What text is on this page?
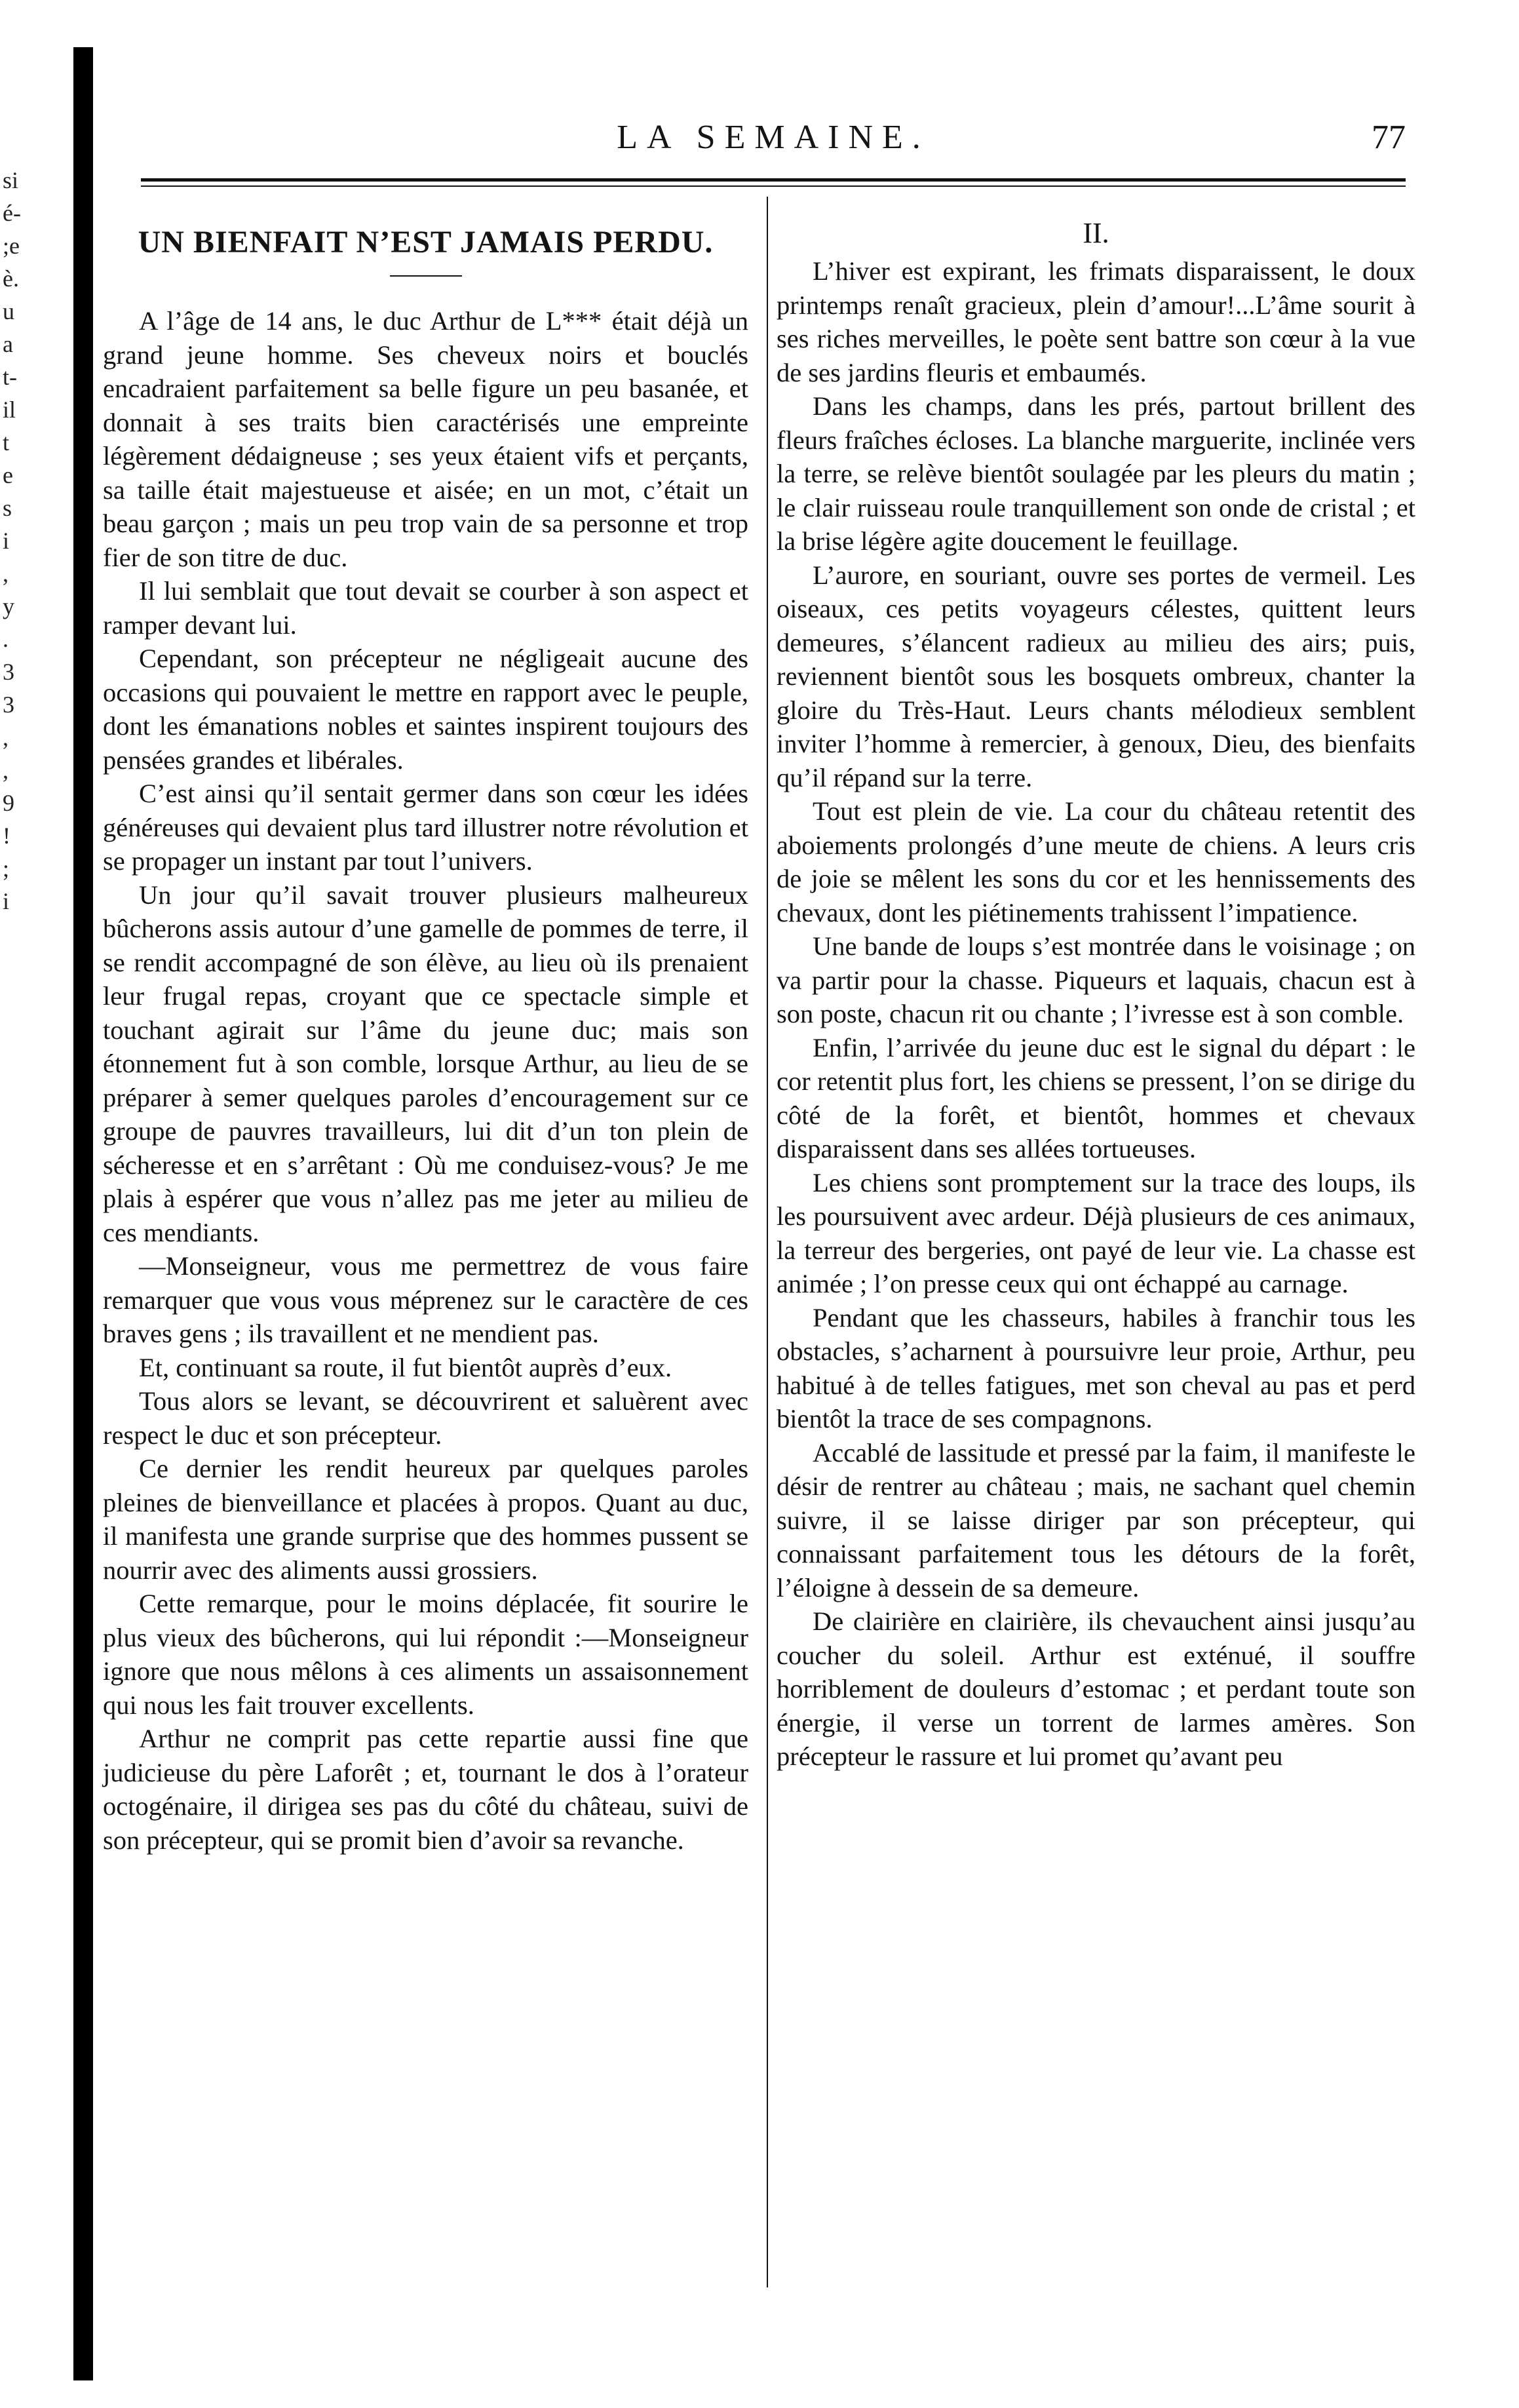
si
é-
;e
è.
u
a
t-
il
t
e
s
i
,
y
.
3
3
,
,
9
!
;
i
LA SEMAINE.	77
UN BIENFAIT N’EST JAMAIS PERDU.

A l’âge de 14 ans, le duc Arthur de L*** était déjà un grand jeune homme. Ses cheveux noirs et bouclés encadraient parfaitement sa belle figure un peu basanée, et donnait à ses traits bien caractérisés une empreinte légèrement dédaigneuse ; ses yeux étaient vifs et perçants, sa taille était majestueuse et aisée; en un mot, c’était un beau garçon ; mais un peu trop vain de sa personne et trop fier de son titre de duc.

Il lui semblait que tout devait se courber à son aspect et ramper devant lui.

Cependant, son précepteur ne négligeait aucune des occasions qui pouvaient le mettre en rapport avec le peuple, dont les émanations nobles et saintes inspirent toujours des pensées grandes et libérales.

C’est ainsi qu’il sentait germer dans son cœur les idées généreuses qui devaient plus tard illustrer notre révolution et se propager un instant par tout l’univers.

Un jour qu’il savait trouver plusieurs malheureux bûcherons assis autour d’une gamelle de pommes de terre, il se rendit accompagné de son élève, au lieu où ils prenaient leur frugal repas, croyant que ce spectacle simple et touchant agirait sur l’âme du jeune duc; mais son étonnement fut à son comble, lorsque Arthur, au lieu de se préparer à semer quelques paroles d’encouragement sur ce groupe de pauvres travailleurs, lui dit d’un ton plein de sécheresse et en s’arrêtant : Où me conduisez-vous? Je me plais à espérer que vous n’allez pas me jeter au milieu de ces mendiants.

—Monseigneur, vous me permettrez de vous faire remarquer que vous vous méprenez sur le caractère de ces braves gens ; ils travaillent et ne mendient pas.

Et, continuant sa route, il fut bientôt auprès d’eux.

Tous alors se levant, se découvrirent et saluèrent avec respect le duc et son précepteur.

Ce dernier les rendit heureux par quelques paroles pleines de bienveillance et placées à propos. Quant au duc, il manifesta une grande surprise que des hommes pussent se nourrir avec des aliments aussi grossiers.

Cette remarque, pour le moins déplacée, fit sourire le plus vieux des bûcherons, qui lui répondit :—Monseigneur ignore que nous mêlons à ces aliments un assaisonnement qui nous les fait trouver excellents.

Arthur ne comprit pas cette repartie aussi fine que judicieuse du père Laforêt ; et, tournant le dos à l’orateur octogénaire, il dirigea ses pas du côté du château, suivi de son précepteur, qui se promit bien d’avoir sa revanche.

II.

L’hiver est expirant, les frimats disparaissent, le doux printemps renaît gracieux, plein d’amour!...L’âme sourit à ses riches merveilles, le poète sent battre son cœur à la vue de ses jardins fleuris et embaumés.

Dans les champs, dans les prés, partout brillent des fleurs fraîches écloses. La blanche marguerite, inclinée vers la terre, se relève bientôt soulagée par les pleurs du matin ; le clair ruisseau roule tranquillement son onde de cristal ; et la brise légère agite doucement le feuillage.

L’aurore, en souriant, ouvre ses portes de vermeil. Les oiseaux, ces petits voyageurs célestes, quittent leurs demeures, s’élancent radieux au milieu des airs; puis, reviennent bientôt sous les bosquets ombreux, chanter la gloire du Très-Haut. Leurs chants mélodieux semblent inviter l’homme à remercier, à genoux, Dieu, des bienfaits qu’il répand sur la terre.

Tout est plein de vie. La cour du château retentit des aboiements prolongés d’une meute de chiens. A leurs cris de joie se mêlent les sons du cor et les hennissements des chevaux, dont les piétinements trahissent l’impatience.

Une bande de loups s’est montrée dans le voisinage ; on va partir pour la chasse. Piqueurs et laquais, chacun est à son poste, chacun rit ou chante ; l’ivresse est à son comble.

Enfin, l’arrivée du jeune duc est le signal du départ : le cor retentit plus fort, les chiens se pressent, l’on se dirige du côté de la forêt, et bientôt, hommes et chevaux disparaissent dans ses allées tortueuses.

Les chiens sont promptement sur la trace des loups, ils les poursuivent avec ardeur. Déjà plusieurs de ces animaux, la terreur des bergeries, ont payé de leur vie. La chasse est animée ; l’on presse ceux qui ont échappé au carnage.

Pendant que les chasseurs, habiles à franchir tous les obstacles, s’acharnent à poursuivre leur proie, Arthur, peu habitué à de telles fatigues, met son cheval au pas et perd bientôt la trace de ses compagnons.

Accablé de lassitude et pressé par la faim, il manifeste le désir de rentrer au château ; mais, ne sachant quel chemin suivre, il se laisse diriger par son précepteur, qui connaissant parfaitement tous les détours de la forêt, l’éloigne à dessein de sa demeure.

De clairière en clairière, ils chevauchent ainsi jusqu’au coucher du soleil. Arthur est exténué, il souffre horriblement de douleurs d’estomac ; et perdant toute son énergie, il verse un torrent de larmes amères. Son précepteur le rassure et lui promet qu’avant peu
